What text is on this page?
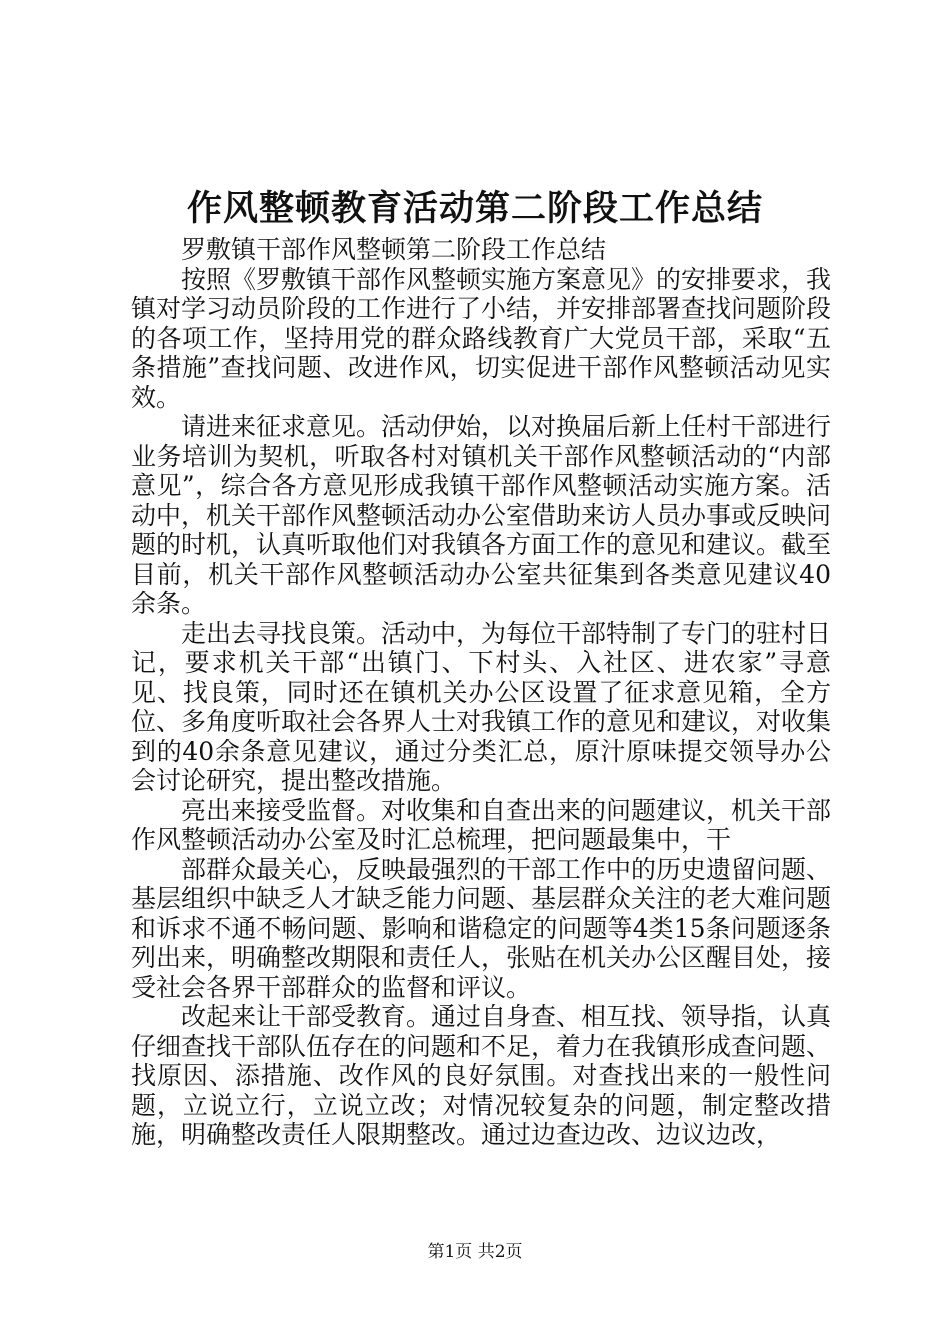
作风整顿教育活动第二阶段工作总结

罗敷镇干部作风整顿第二阶段工作总结

按照《罗敷镇干部作风整顿实施方案意见》的安排要求，我镇对学习动员阶段的工作进行了小结，并安排部署查找问题阶段的各项工作，坚持用党的群众路线教育广大党员干部，采取“五条措施”查找问题、改进作风，切实促进干部作风整顿活动见实效。

请进来征求意见。活动伊始，以对换届后新上任村干部进行业务培训为契机，听取各村对镇机关干部作风整顿活动的“内部意见”，综合各方意见形成我镇干部作风整顿活动实施方案。活动中，机关干部作风整顿活动办公室借助来访人员办事或反映问题的时机，认真听取他们对我镇各方面工作的意见和建议。截至目前，机关干部作风整顿活动办公室共征集到各类意见建议40余条。

走出去寻找良策。活动中，为每位干部特制了专门的驻村日记，要求机关干部“出镇门、下村头、入社区、进农家”寻意见、找良策，同时还在镇机关办公区设置了征求意见箱，全方位、多角度听取社会各界人士对我镇工作的意见和建议，对收集到的40余条意见建议，通过分类汇总，原汁原味提交领导办公会讨论研究，提出整改措施。

亮出来接受监督。对收集和自查出来的问题建议，机关干部作风整顿活动办公室及时汇总梳理，把问题最集中，干

部群众最关心，反映最强烈的干部工作中的历史遗留问题、基层组织中缺乏人才缺乏能力问题、基层群众关注的老大难问题和诉求不通不畅问题、影响和谐稳定的问题等4类15条问题逐条列出来，明确整改期限和责任人，张贴在机关办公区醒目处，接受社会各界干部群众的监督和评议。

改起来让干部受教育。通过自身查、相互找、领导指，认真仔细查找干部队伍存在的问题和不足，着力在我镇形成查问题、找原因、添措施、改作风的良好氛围。对查找出来的一般性问题，立说立行，立说立改；对情况较复杂的问题，制定整改措施，明确整改责任人限期整改。通过边查边改、边议边改，

第1页 共2页
